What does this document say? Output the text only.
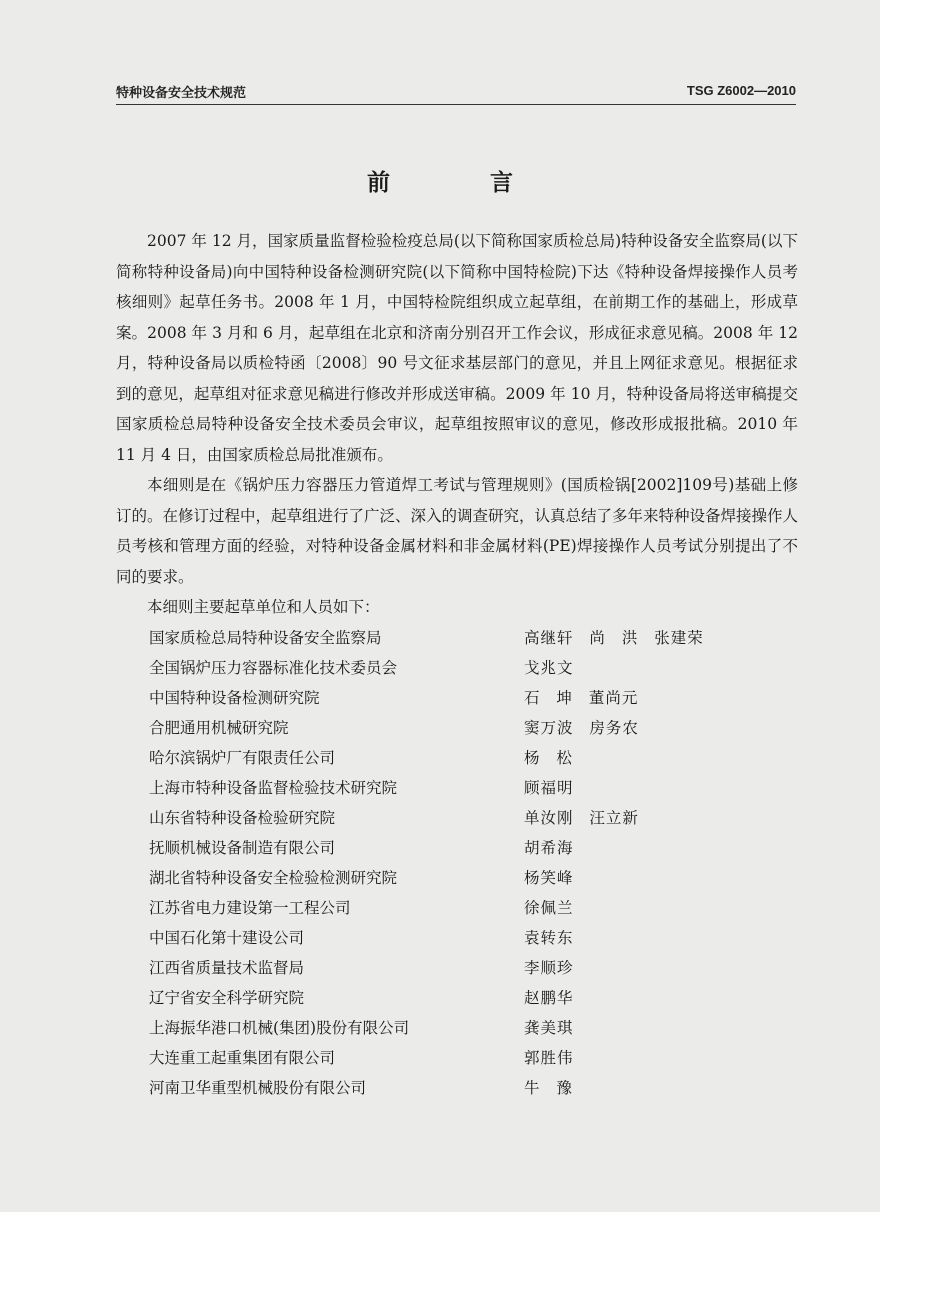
特种设备安全技术规范	TSG Z6002—2010
前 言

2007 年 12 月，国家质量监督检验检疫总局(以下简称国家质检总局)特种设备安全监察局(以下简称特种设备局)向中国特种设备检测研究院(以下简称中国特检院)下达《特种设备焊接操作人员考核细则》起草任务书。2008 年 1 月，中国特检院组织成立起草组，在前期工作的基础上，形成草案。2008 年 3 月和 6 月，起草组在北京和济南分别召开工作会议，形成征求意见稿。2008 年 12 月，特种设备局以质检特函〔2008〕90 号文征求基层部门的意见，并且上网征求意见。根据征求到的意见，起草组对征求意见稿进行修改并形成送审稿。2009 年 10 月，特种设备局将送审稿提交国家质检总局特种设备安全技术委员会审议，起草组按照审议的意见，修改形成报批稿。2010 年 11 月 4 日，由国家质检总局批准颁布。

本细则是在《锅炉压力容器压力管道焊工考试与管理规则》(国质检锅[2002]109号)基础上修订的。在修订过程中，起草组进行了广泛、深入的调查研究，认真总结了多年来特种设备焊接操作人员考核和管理方面的经验，对特种设备金属材料和非金属材料(PE)焊接操作人员考试分别提出了不同的要求。

本细则主要起草单位和人员如下：

国家质检总局特种设备安全监察局	高继轩 尚 洪 张建荣
全国锅炉压力容器标准化技术委员会	戈兆文
中国特种设备检测研究院	石 坤 董尚元
合肥通用机械研究院	窦万波 房务农
哈尔滨锅炉厂有限责任公司	杨 松
上海市特种设备监督检验技术研究院	顾福明
山东省特种设备检验研究院	单汝刚 汪立新
抚顺机械设备制造有限公司	胡希海
湖北省特种设备安全检验检测研究院	杨笑峰
江苏省电力建设第一工程公司	徐佩兰
中国石化第十建设公司	袁转东
江西省质量技术监督局	李顺珍
辽宁省安全科学研究院	赵鹏华
上海振华港口机械(集团)股份有限公司	龚美琪
大连重工起重集团有限公司	郭胜伟
河南卫华重型机械股份有限公司	牛 豫
